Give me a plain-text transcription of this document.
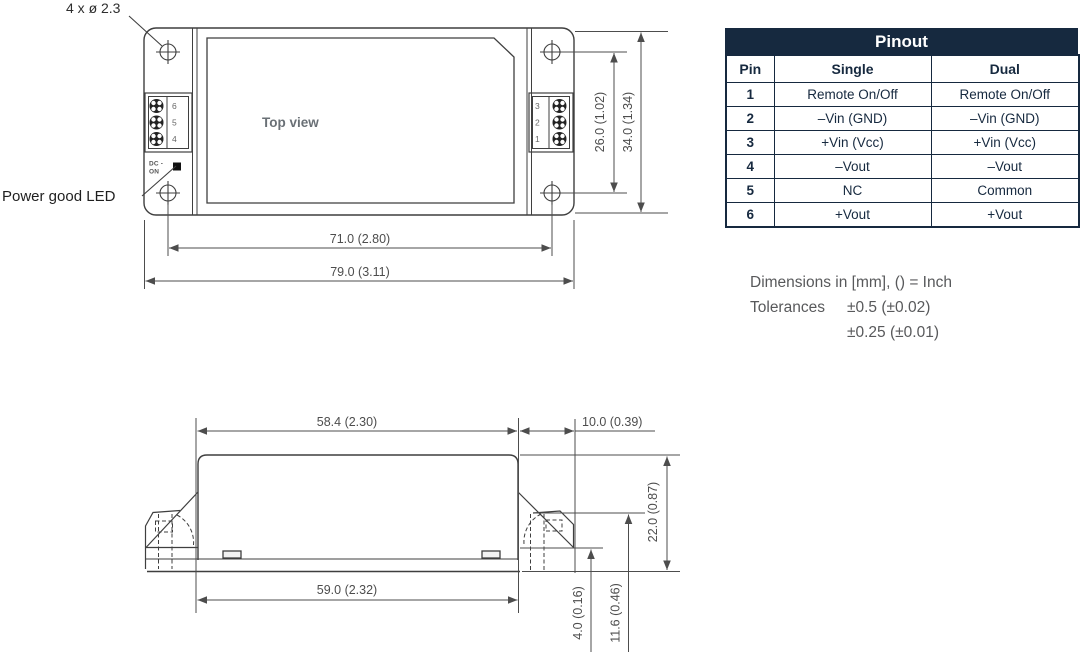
Top view
6
5
4
3
2
1
DC -
ON
4 x ø 2.3
Power good LED
71.0 (2.80)
79.0 (3.11)
26.0 (1.02) 34.0 (1.34)
58.4 (2.30)	10.0 (0.39)
59.0 (2.32)
22.0 (0.87)
11.6 (0.46)
4.0 (0.16)
Pinout
Pin	Single	Dual
1	Remote On/Off	Remote On/Off
2	–Vin (GND)	–Vin (GND)
3	+Vin (Vcc)	+Vin (Vcc)
4	–Vout	–Vout
5	NC	Common
6	+Vout	+Vout
Dimensions in [mm], () = Inch
Tolerances ±0.5 (±0.02)
±0.25 (±0.01)
